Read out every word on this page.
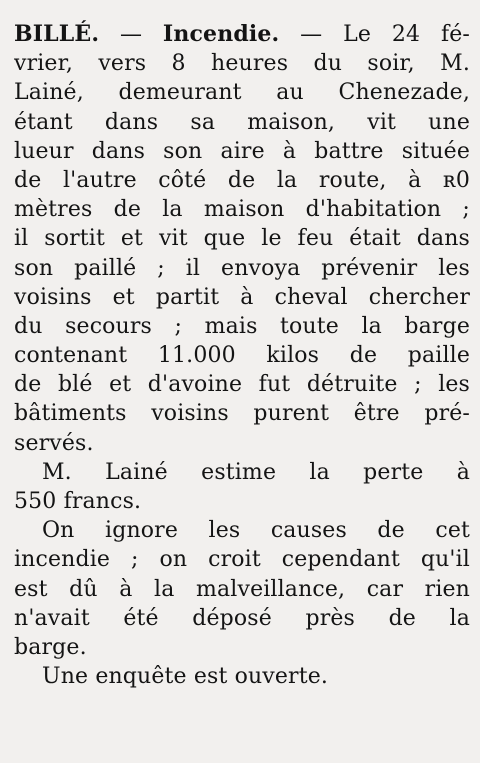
BILLÉ. — Incendie. — Le 24 fé-
vrier, vers 8 heures du soir, M.
Lainé, demeurant au Chenezade,
étant dans sa maison, vit une
lueur dans son aire à battre située
de l'autre côté de la route, à ʀ0
mètres de la maison d'habitation ;
il sortit et vit que le feu était dans
son paillé ; il envoya prévenir les
voisins et partit à cheval chercher
du secours ; mais toute la barge
contenant 11.000 kilos de paille
de blé et d'avoine fut détruite ; les
bâtiments voisins purent être pré-
servés.
M. Lainé estime la perte à
550 francs.
On ignore les causes de cet
incendie ; on croit cependant qu'il
est dû à la malveillance, car rien
n'avait été déposé près de la
barge.
Une enquête est ouverte.
